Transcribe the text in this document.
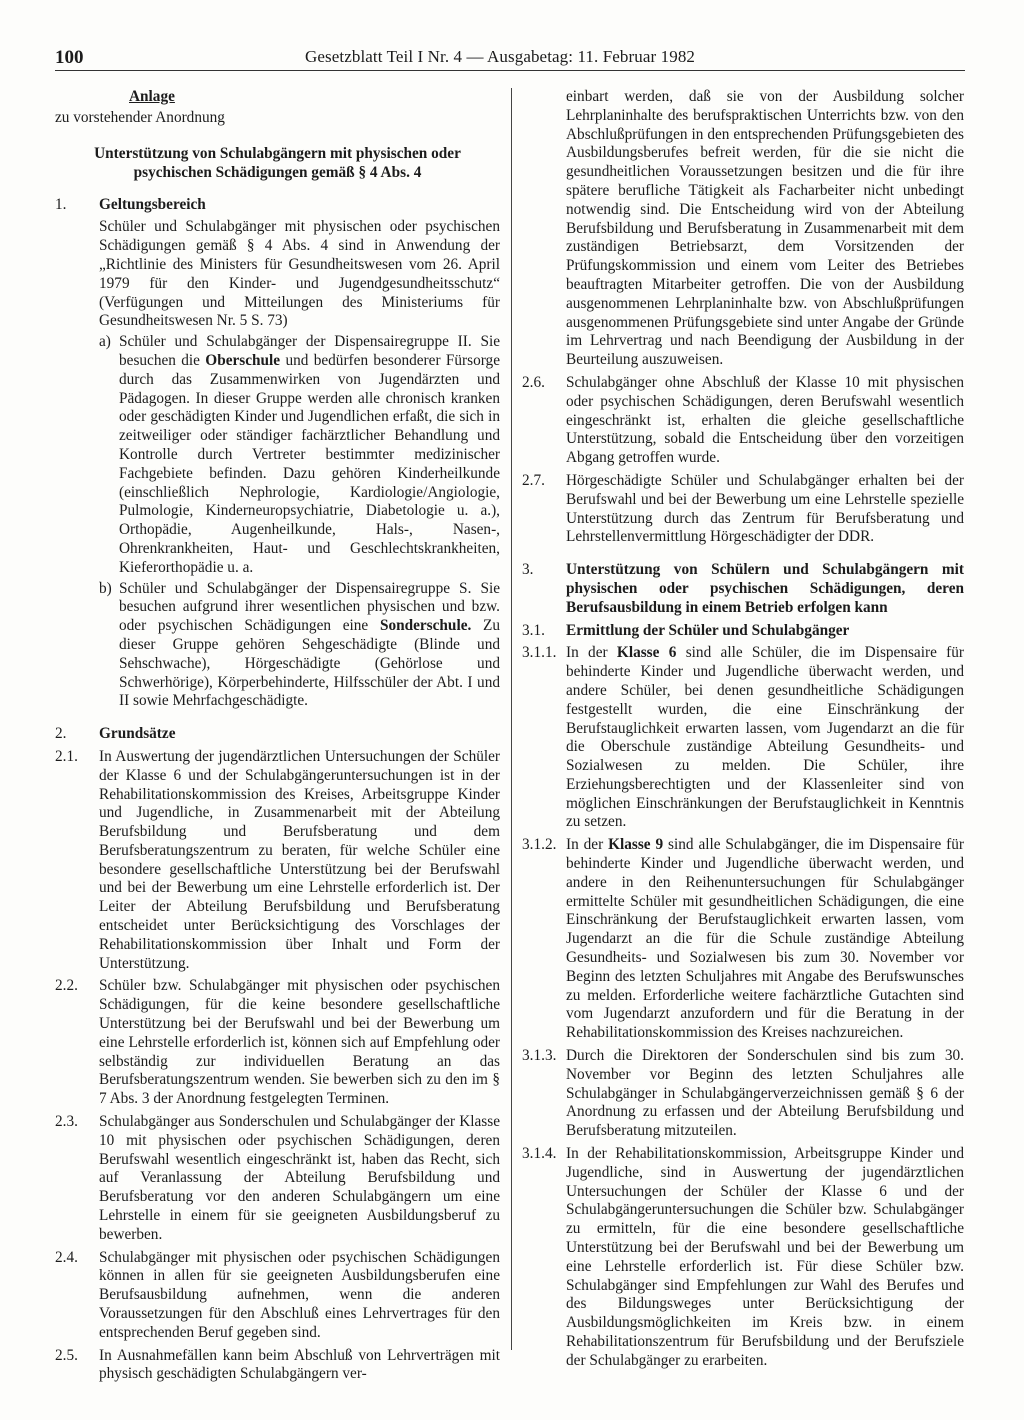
100	Gesetzblatt Teil I Nr. 4 — Ausgabetag: 11. Februar 1982

Anlage

zu vorstehender Anordnung

Unterstützung von Schulabgängern mit physischen oder psychischen Schädigungen gemäß § 4 Abs. 4

1.	Geltungsbereich

Schüler und Schulabgänger mit physischen oder psychischen Schädigungen gemäß § 4 Abs. 4 sind in Anwendung der „Richtlinie des Ministers für Gesundheitswesen vom 26. April 1979 für den Kinder- und Jugendgesundheitsschutz“ (Verfügungen und Mitteilungen des Ministeriums für Gesundheitswesen Nr. 5 S. 73)

a) Schüler und Schulabgänger der Dispensairegruppe II. Sie besuchen die Oberschule und bedürfen besonderer Fürsorge durch das Zusammenwirken von Jugendärzten und Pädagogen. In dieser Gruppe werden alle chronisch kranken oder geschädigten Kinder und Jugendlichen erfaßt, die sich in zeitweiliger oder ständiger fachärztlicher Behandlung und Kontrolle durch Vertreter bestimmter medizinischer Fachgebiete befinden. Dazu gehören Kinderheilkunde (einschließlich Nephrologie, Kardiologie/Angiologie, Pulmologie, Kinderneuropsychiatrie, Diabetologie u. a.), Orthopädie, Augenheilkunde, Hals-, Nasen-, Ohrenkrankheiten, Haut- und Geschlechtskrankheiten, Kieferorthopädie u. a.

b) Schüler und Schulabgänger der Dispensairegruppe S. Sie besuchen aufgrund ihrer wesentlichen physischen und bzw. oder psychischen Schädigungen eine Sonderschule. Zu dieser Gruppe gehören Sehgeschädigte (Blinde und Sehschwache), Hörgeschädigte (Gehörlose und Schwerhörige), Körperbehinderte, Hilfsschüler der Abt. I und II sowie Mehrfachgeschädigte.

2.	Grundsätze
2.1.	In Auswertung der jugendärztlichen Untersuchungen der Schüler der Klasse 6 und der Schulabgängeruntersuchungen ist in der Rehabilitationskommission des Kreises, Arbeitsgruppe Kinder und Jugendliche, in Zusammenarbeit mit der Abteilung Berufsbildung und Berufsberatung und dem Berufsberatungszentrum zu beraten, für welche Schüler eine besondere gesellschaftliche Unterstützung bei der Berufswahl und bei der Bewerbung um eine Lehrstelle erforderlich ist. Der Leiter der Abteilung Berufsbildung und Berufsberatung entscheidet unter Berücksichtigung des Vorschlages der Rehabilitationskommission über Inhalt und Form der Unterstützung.

2.2.	Schüler bzw. Schulabgänger mit physischen oder psychischen Schädigungen, für die keine besondere gesellschaftliche Unterstützung bei der Berufswahl und bei der Bewerbung um eine Lehrstelle erforderlich ist, können sich auf Empfehlung oder selbständig zur individuellen Beratung an das Berufsberatungszentrum wenden. Sie bewerben sich zu den im § 7 Abs. 3 der Anordnung festgelegten Terminen.

2.3.	Schulabgänger aus Sonderschulen und Schulabgänger der Klasse 10 mit physischen oder psychischen Schädigungen, deren Berufswahl wesentlich eingeschränkt ist, haben das Recht, sich auf Veranlassung der Abteilung Berufsbildung und Berufsberatung vor den anderen Schulabgängern um eine Lehrstelle in einem für sie geeigneten Ausbildungsberuf zu bewerben.

2.4.	Schulabgänger mit physischen oder psychischen Schädigungen können in allen für sie geeigneten Ausbildungsberufen eine Berufsausbildung aufnehmen, wenn die anderen Voraussetzungen für den Abschluß eines Lehrvertrages für den entsprechenden Beruf gegeben sind.

2.5.	In Ausnahmefällen kann beim Abschluß von Lehrverträgen mit physisch geschädigten Schulabgängern ver-

einbart werden, daß sie von der Ausbildung solcher Lehrplaninhalte des berufspraktischen Unterrichts bzw. von den Abschlußprüfungen in den entsprechenden Prüfungsgebieten des Ausbildungsberufes befreit werden, für die sie nicht die gesundheitlichen Voraussetzungen besitzen und die für ihre spätere berufliche Tätigkeit als Facharbeiter nicht unbedingt notwendig sind. Die Entscheidung wird von der Abteilung Berufsbildung und Berufsberatung in Zusammenarbeit mit dem zuständigen Betriebsarzt, dem Vorsitzenden der Prüfungskommission und einem vom Leiter des Betriebes beauftragten Mitarbeiter getroffen. Die von der Ausbildung ausgenommenen Lehrplaninhalte bzw. von Abschlußprüfungen ausgenommenen Prüfungsgebiete sind unter Angabe der Gründe im Lehrvertrag und nach Beendigung der Ausbildung in der Beurteilung auszuweisen.

2.6.	Schulabgänger ohne Abschluß der Klasse 10 mit physischen oder psychischen Schädigungen, deren Berufswahl wesentlich eingeschränkt ist, erhalten die gleiche gesellschaftliche Unterstützung, sobald die Entscheidung über den vorzeitigen Abgang getroffen wurde.

2.7.	Hörgeschädigte Schüler und Schulabgänger erhalten bei der Berufswahl und bei der Bewerbung um eine Lehrstelle spezielle Unterstützung durch das Zentrum für Berufsberatung und Lehrstellenvermittlung Hörgeschädigter der DDR.

3.	Unterstützung von Schülern und Schulabgängern mit physischen oder psychischen Schädigungen, deren Berufsausbildung in einem Betrieb erfolgen kann

3.1.	Ermittlung der Schüler und Schulabgänger

3.1.1. In der Klasse 6 sind alle Schüler, die im Dispensaire für behinderte Kinder und Jugendliche überwacht werden, und andere Schüler, bei denen gesundheitliche Schädigungen festgestellt wurden, die eine Einschränkung der Berufstauglichkeit erwarten lassen, vom Jugendarzt an die für die Oberschule zuständige Abteilung Gesundheits- und Sozialwesen zu melden. Die Schüler, ihre Erziehungsberechtigten und der Klassenleiter sind von möglichen Einschränkungen der Berufstauglichkeit in Kenntnis zu setzen.

3.1.2. In der Klasse 9 sind alle Schulabgänger, die im Dispensaire für behinderte Kinder und Jugendliche überwacht werden, und andere in den Reihenuntersuchungen für Schulabgänger ermittelte Schüler mit gesundheitlichen Schädigungen, die eine Einschränkung der Berufstauglichkeit erwarten lassen, vom Jugendarzt an die für die Schule zuständige Abteilung Gesundheits- und Sozialwesen bis zum 30. November vor Beginn des letzten Schuljahres mit Angabe des Berufswunsches zu melden. Erforderliche weitere fachärztliche Gutachten sind vom Jugendarzt anzufordern und für die Beratung in der Rehabilitationskommission des Kreises nachzureichen.

3.1.3. Durch die Direktoren der Sonderschulen sind bis zum 30. November vor Beginn des letzten Schuljahres alle Schulabgänger in Schulabgängerverzeichnissen gemäß § 6 der Anordnung zu erfassen und der Abteilung Berufsbildung und Berufsberatung mitzuteilen.

3.1.4. In der Rehabilitationskommission, Arbeitsgruppe Kinder und Jugendliche, sind in Auswertung der jugendärztlichen Untersuchungen der Schüler der Klasse 6 und der Schulabgängeruntersuchungen die Schüler bzw. Schulabgänger zu ermitteln, für die eine besondere gesellschaftliche Unterstützung bei der Berufswahl und bei der Bewerbung um eine Lehrstelle erforderlich ist. Für diese Schüler bzw. Schulabgänger sind Empfehlungen zur Wahl des Berufes und des Bildungsweges unter Berücksichtigung der Ausbildungsmöglichkeiten im Kreis bzw. in einem Rehabilitationszentrum für Berufsbildung und der Berufsziele der Schulabgänger zu erarbeiten.
